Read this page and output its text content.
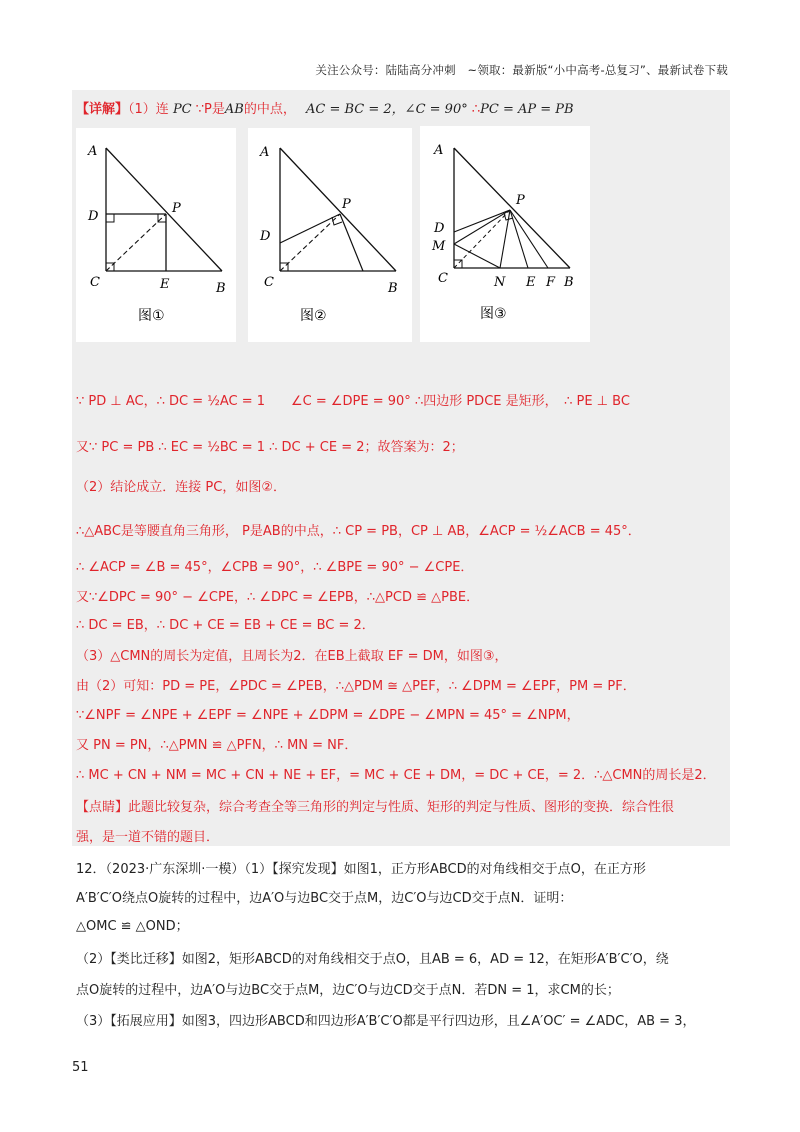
关注公众号：陆陆高分冲刺　~领取：最新版“小中高考-总复习”、最新试卷下载
【详解】（1）连 PC ∵P是AB的中点， AC = BC = 2，∠C = 90° ∴PC = AP = PB
A
D
P
C	E	B
图①
A
D
P
C	B
图②
A
P
D
M
C	N E F B
图③
∵ PD ⊥ AC，∴ DC = ½AC = 1　　∠C = ∠DPE = 90° ∴四边形 PDCE 是矩形，　∴ PE ⊥ BC
又∵ PC = PB ∴ EC = ½BC = 1 ∴ DC + CE = 2；故答案为：2；
（2）结论成立．连接 PC，如图②．
∴△ABC是等腰直角三角形， P是AB的中点，∴ CP = PB，CP ⊥ AB，∠ACP = ½∠ACB = 45°．
∴ ∠ACP = ∠B = 45°，∠CPB = 90°，∴ ∠BPE = 90° − ∠CPE．
又∵∠DPC = 90° − ∠CPE，∴ ∠DPC = ∠EPB，∴△PCD ≌ △PBE．
∴ DC = EB，∴ DC + CE = EB + CE = BC = 2．
（3）△CMN的周长为定值，且周长为2．在EB上截取 EF = DM，如图③，
由（2）可知：PD = PE，∠PDC = ∠PEB，∴△PDM ≅ △PEF，∴ ∠DPM = ∠EPF，PM = PF．
∵∠NPF = ∠NPE + ∠EPF = ∠NPE + ∠DPM = ∠DPE − ∠MPN = 45° = ∠NPM，
又 PN = PN，∴△PMN ≌ △PFN，∴ MN = NF．
∴ MC + CN + NM = MC + CN + NE + EF，= MC + CE + DM，= DC + CE，= 2．∴△CMN的周长是2．
【点睛】此题比较复杂，综合考查全等三角形的判定与性质、矩形的判定与性质、图形的变换．综合性很
强，是一道不错的题目．
12．（2023·广东深圳·一模）（1）【探究发现】如图1，正方形ABCD的对角线相交于点O，在正方形
A′B′C′O绕点O旋转的过程中，边A′O与边BC交于点M，边C′O与边CD交于点N．证明：
△OMC ≌ △OND；
（2）【类比迁移】如图2，矩形ABCD的对角线相交于点O，且AB = 6，AD = 12，在矩形A′B′C′O，绕
点O旋转的过程中，边A′O与边BC交于点M，边C′O与边CD交于点N．若DN = 1，求CM的长；
（3）【拓展应用】如图3，四边形ABCD和四边形A′B′C′O都是平行四边形，且∠A′OC′ = ∠ADC，AB = 3，
51
